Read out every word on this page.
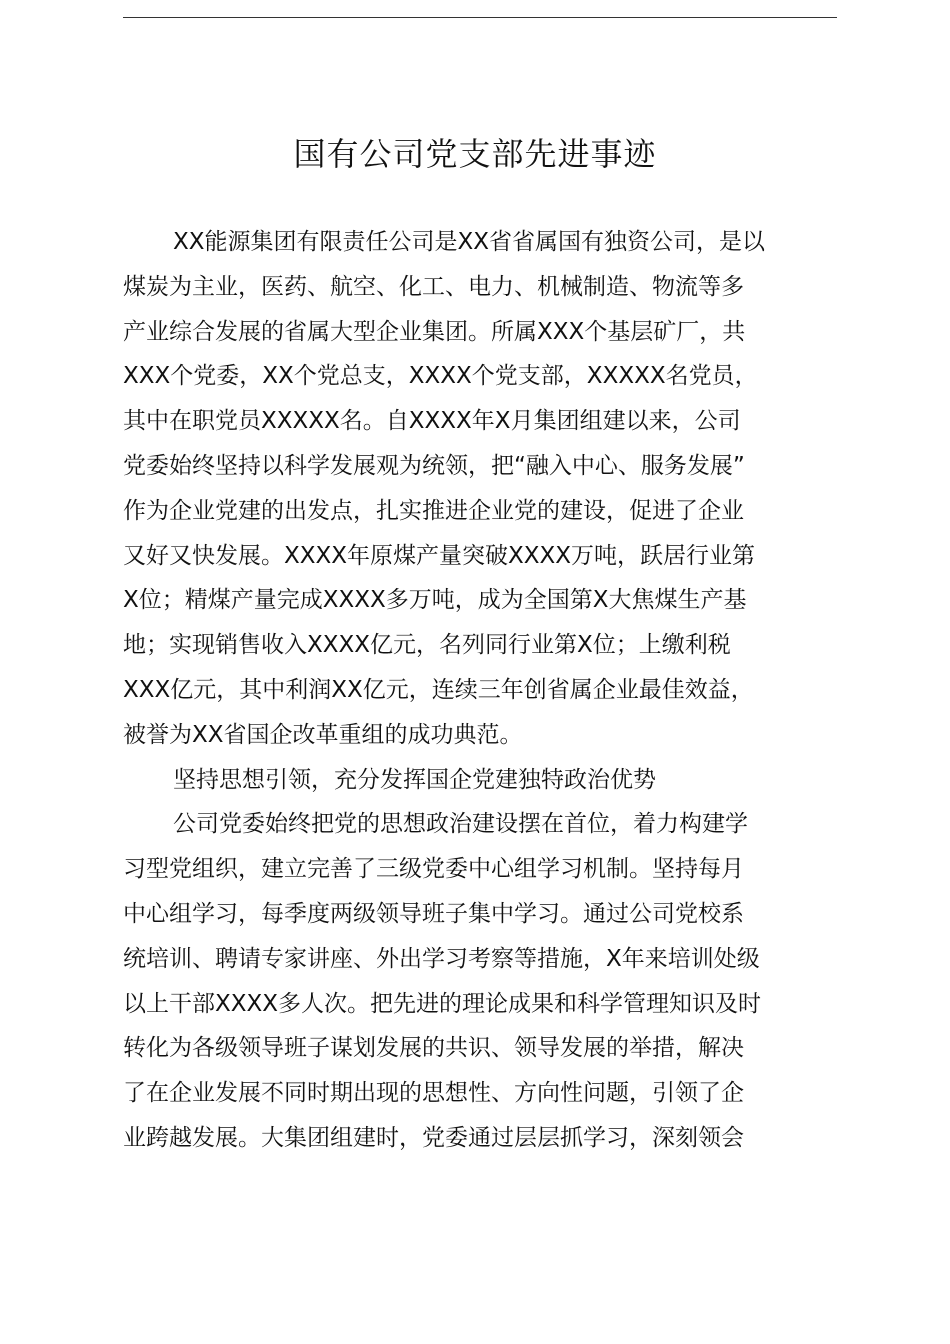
国有公司党支部先进事迹
XX能源集团有限责任公司是XX省省属国有独资公司，是以
煤炭为主业，医药、航空、化工、电力、机械制造、物流等多
产业综合发展的省属大型企业集团。所属XXX个基层矿厂，共
XXX个党委，XX个党总支，XXXX个党支部，XXXXX名党员，
其中在职党员XXXXX名。自XXXX年X月集团组建以来，公司
党委始终坚持以科学发展观为统领，把“融入中心、服务发展”
作为企业党建的出发点，扎实推进企业党的建设，促进了企业
又好又快发展。XXXX年原煤产量突破XXXX万吨，跃居行业第
X位；精煤产量完成XXXX多万吨，成为全国第X大焦煤生产基
地；实现销售收入XXXX亿元，名列同行业第X位；上缴利税
XXX亿元，其中利润XX亿元，连续三年创省属企业最佳效益，
被誉为XX省国企改革重组的成功典范。
坚持思想引领，充分发挥国企党建独特政治优势
公司党委始终把党的思想政治建设摆在首位，着力构建学
习型党组织，建立完善了三级党委中心组学习机制。坚持每月
中心组学习，每季度两级领导班子集中学习。通过公司党校系
统培训、聘请专家讲座、外出学习考察等措施，X年来培训处级
以上干部XXXX多人次。把先进的理论成果和科学管理知识及时
转化为各级领导班子谋划发展的共识、领导发展的举措，解决
了在企业发展不同时期出现的思想性、方向性问题，引领了企
业跨越发展。大集团组建时，党委通过层层抓学习，深刻领会
